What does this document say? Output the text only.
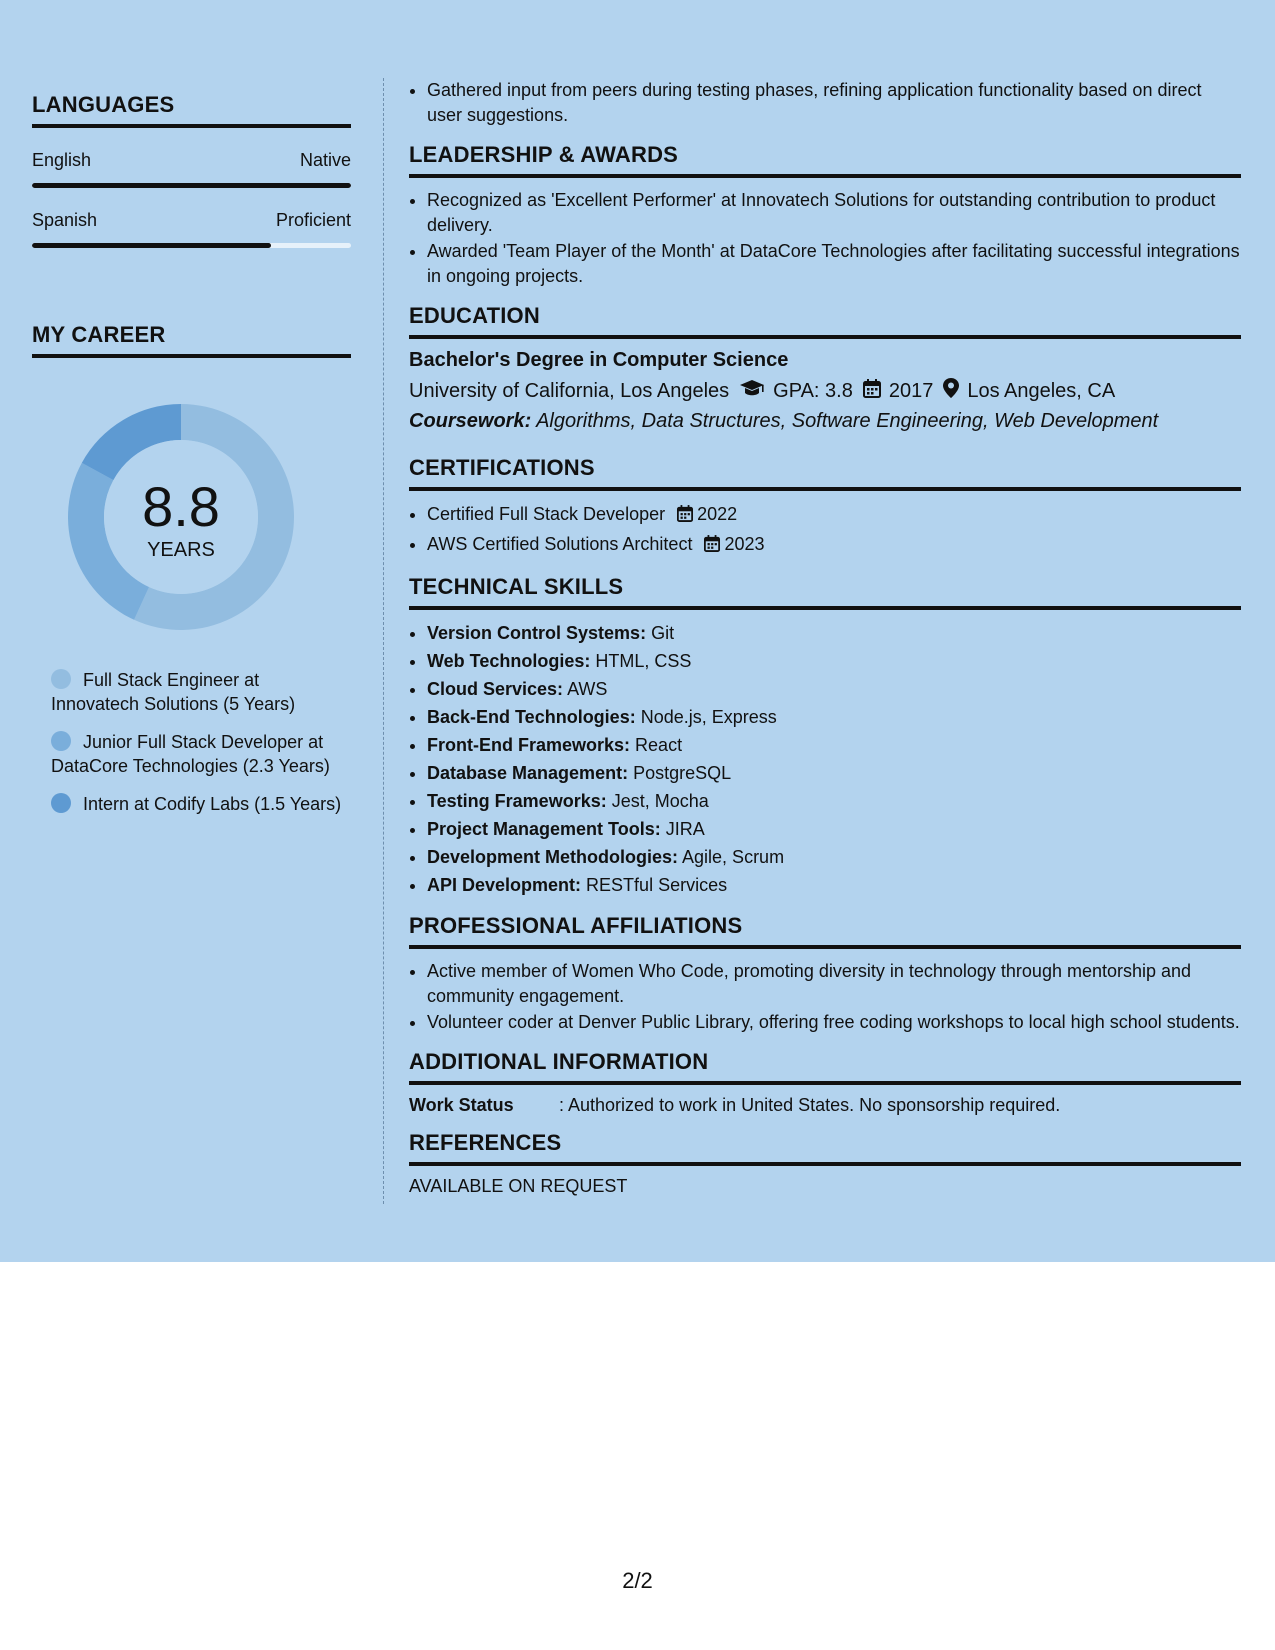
LANGUAGES
English	Native
Spanish	Proficient
MY CAREER
8.8
YEARS
Full Stack Engineer at Innovatech Solutions (5 Years)
Junior Full Stack Developer at DataCore Technologies (2.3 Years)
Intern at Codify Labs (1.5 Years)
• Gathered input from peers during testing phases, refining application functionality based on direct user suggestions.
LEADERSHIP & AWARDS
• Recognized as 'Excellent Performer' at Innovatech Solutions for outstanding contribution to product delivery.
• Awarded 'Team Player of the Month' at DataCore Technologies after facilitating successful integrations in ongoing projects.
EDUCATION
Bachelor's Degree in Computer Science
University of California, Los Angeles GPA: 3.8 2017 Los Angeles, CA
Coursework: Algorithms, Data Structures, Software Engineering, Web Development
CERTIFICATIONS
• Certified Full Stack Developer 2022
• AWS Certified Solutions Architect 2023
TECHNICAL SKILLS
• Version Control Systems: Git
• Web Technologies: HTML, CSS
• Cloud Services: AWS
• Back-End Technologies: Node.js, Express
• Front-End Frameworks: React
• Database Management: PostgreSQL
• Testing Frameworks: Jest, Mocha
• Project Management Tools: JIRA
• Development Methodologies: Agile, Scrum
• API Development: RESTful Services
PROFESSIONAL AFFILIATIONS
• Active member of Women Who Code, promoting diversity in technology through mentorship and community engagement.
• Volunteer coder at Denver Public Library, offering free coding workshops to local high school students.
ADDITIONAL INFORMATION
Work Status	: Authorized to work in United States. No sponsorship required.
REFERENCES
AVAILABLE ON REQUEST
2/2
